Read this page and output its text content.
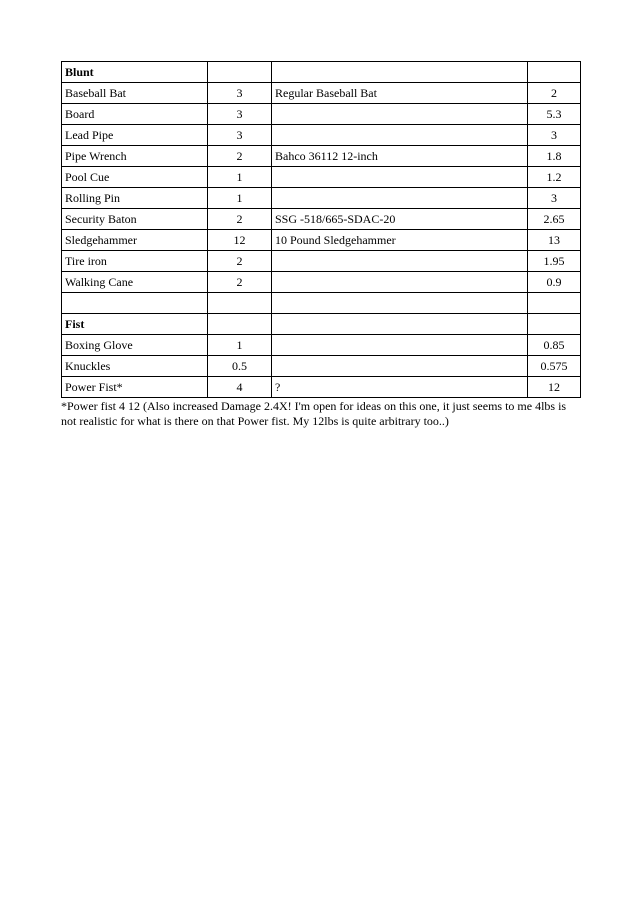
Blunt			
Baseball Bat	3	Regular Baseball Bat	2
Board	3		5.3
Lead Pipe	3		3
Pipe Wrench	2	Bahco 36112 12-inch	1.8
Pool Cue	1		1.2
Rolling Pin	1		3
Security Baton	2	SSG -518/665-SDAC-20	2.65
Sledgehammer	12	10 Pound Sledgehammer	13
Tire iron	2		1.95
Walking Cane	2		0.9

Fist			
Boxing Glove	1		0.85
Knuckles	0.5		0.575
Power Fist*	4	?	12
*Power fist 4 12 (Also increased Damage 2.4X! I'm open for ideas on this one, it just seems to me 4lbs is not realistic for what is there on that Power fist. My 12lbs is quite arbitrary too..)
